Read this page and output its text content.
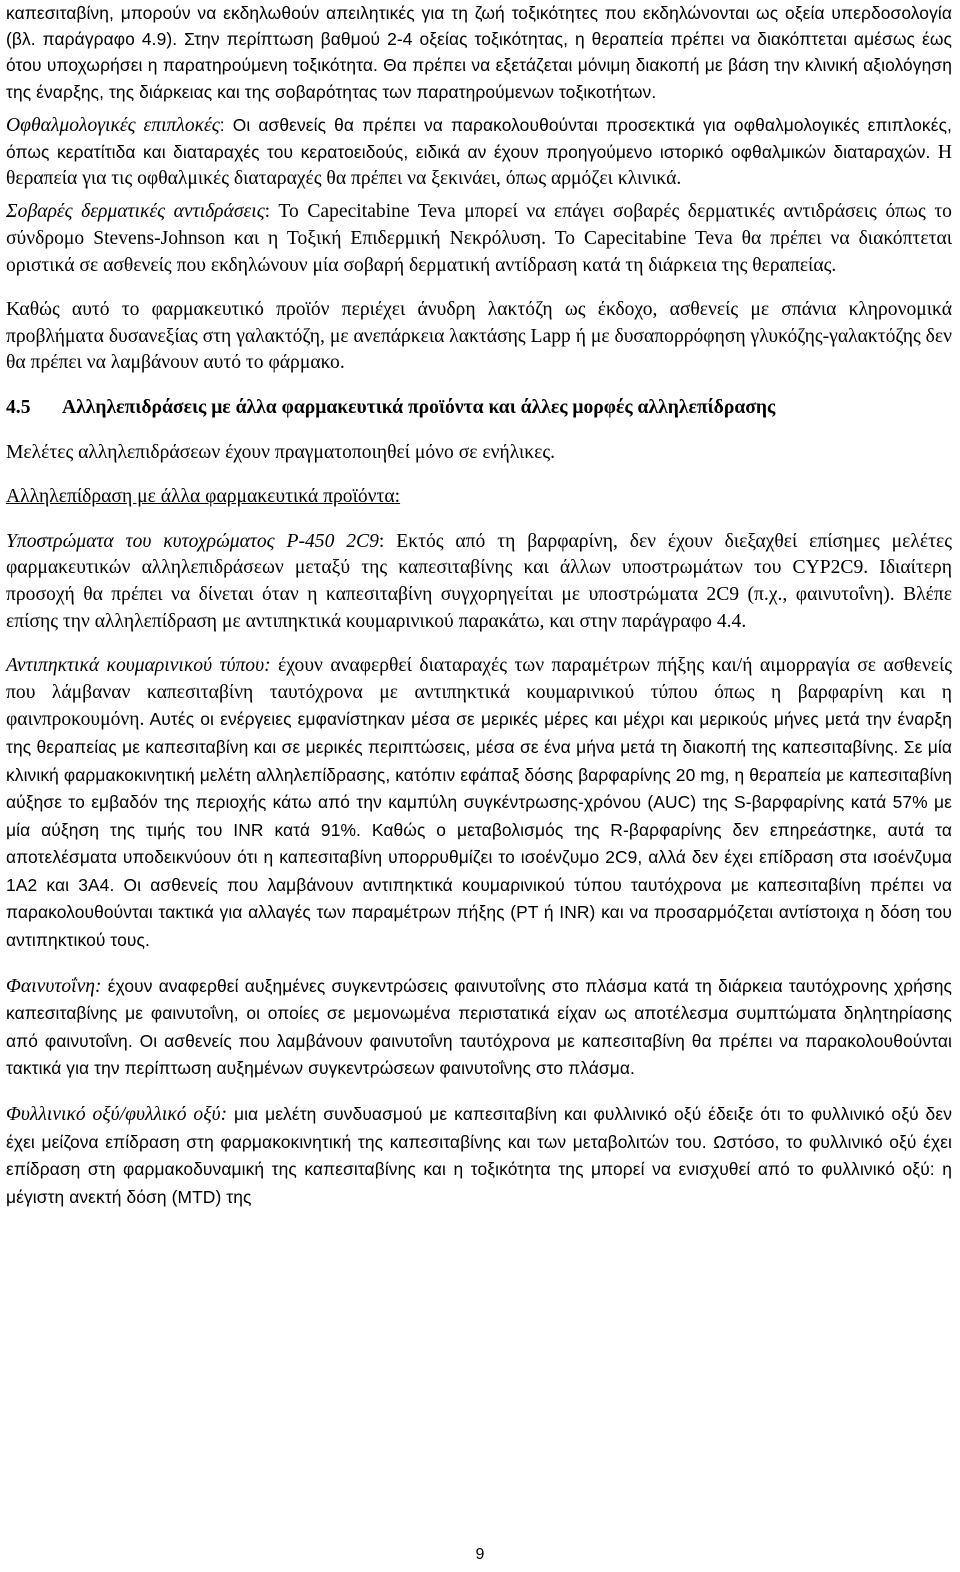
καπεσιταβίνη, μπορούν να εκδηλωθούν απειλητικές για τη ζωή τοξικότητες που εκδηλώνονται ως οξεία υπερδοσολογία (βλ. παράγραφο 4.9). Στην περίπτωση βαθμού 2-4 οξείας τοξικότητας, η θεραπεία πρέπει να διακόπτεται αμέσως έως ότου υποχωρήσει η παρατηρούμενη τοξικότητα. Θα πρέπει να εξετάζεται μόνιμη διακοπή με βάση την κλινική αξιολόγηση της έναρξης, της διάρκειας και της σοβαρότητας των παρατηρούμενων τοξικοτήτων.

Οφθαλμολογικές επιπλοκές: Οι ασθενείς θα πρέπει να παρακολουθούνται προσεκτικά για οφθαλμολογικές επιπλοκές, όπως κερατίτιδα και διαταραχές του κερατοειδούς, ειδικά αν έχουν προηγούμενο ιστορικό οφθαλμικών διαταραχών. Η θεραπεία για τις οφθαλμικές διαταραχές θα πρέπει να ξεκινάει, όπως αρμόζει κλινικά.

Σοβαρές δερματικές αντιδράσεις: Το Capecitabine Teva μπορεί να επάγει σοβαρές δερματικές αντιδράσεις όπως το σύνδρομο Stevens-Johnson και η Τοξική Επιδερμική Νεκρόλυση. Το Capecitabine Teva θα πρέπει να διακόπτεται οριστικά σε ασθενείς που εκδηλώνουν μία σοβαρή δερματική αντίδραση κατά τη διάρκεια της θεραπείας.

Καθώς αυτό το φαρμακευτικό προϊόν περιέχει άνυδρη λακτόζη ως έκδοχο, ασθενείς με σπάνια κληρονομικά προβλήματα δυσανεξίας στη γαλακτόζη, με ανεπάρκεια λακτάσης Lapp ή με δυσαπορρόφηση γλυκόζης-γαλακτόζης δεν θα πρέπει να λαμβάνουν αυτό το φάρμακο.

4.5 Αλληλεπιδράσεις με άλλα φαρμακευτικά προϊόντα και άλλες μορφές αλληλεπίδρασης

Μελέτες αλληλεπιδράσεων έχουν πραγματοποιηθεί μόνο σε ενήλικες.

Αλληλεπίδραση με άλλα φαρμακευτικά προϊόντα:

Υποστρώματα του κυτοχρώματος P-450 2C9: Εκτός από τη βαρφαρίνη, δεν έχουν διεξαχθεί επίσημες μελέτες φαρμακευτικών αλληλεπιδράσεων μεταξύ της καπεσιταβίνης και άλλων υποστρωμάτων του CYP2C9. Ιδιαίτερη προσοχή θα πρέπει να δίνεται όταν η καπεσιταβίνη συγχορηγείται με υποστρώματα 2C9 (π.χ., φαινυτοΐνη). Βλέπε επίσης την αλληλεπίδραση με αντιπηκτικά κουμαρινικού παρακάτω, και στην παράγραφο 4.4.

Αντιπηκτικά κουμαρινικού τύπου: έχουν αναφερθεί διαταραχές των παραμέτρων πήξης και/ή αιμορραγία σε ασθενείς που λάμβαναν καπεσιταβίνη ταυτόχρονα με αντιπηκτικά κουμαρινικού τύπου όπως η βαρφαρίνη και η φαινπροκουμόνη. Αυτές οι ενέργειες εμφανίστηκαν μέσα σε μερικές μέρες και μέχρι και μερικούς μήνες μετά την έναρξη της θεραπείας με καπεσιταβίνη και σε μερικές περιπτώσεις, μέσα σε ένα μήνα μετά τη διακοπή της καπεσιταβίνης. Σε μία κλινική φαρμακοκινητική μελέτη αλληλεπίδρασης, κατόπιν εφάπαξ δόσης βαρφαρίνης 20 mg, η θεραπεία με καπεσιταβίνη αύξησε το εμβαδόν της περιοχής κάτω από την καμπύλη συγκέντρωσης-χρόνου (AUC) της S-βαρφαρίνης κατά 57% με μία αύξηση της τιμής του INR κατά 91%. Καθώς ο μεταβολισμός της R-βαρφαρίνης δεν επηρεάστηκε, αυτά τα αποτελέσματα υποδεικνύουν ότι η καπεσιταβίνη υπορρυθμίζει το ισοένζυμο 2C9, αλλά δεν έχει επίδραση στα ισοένζυμα 1A2 και 3A4. Οι ασθενείς που λαμβάνουν αντιπηκτικά κουμαρινικού τύπου ταυτόχρονα με καπεσιταβίνη πρέπει να παρακολουθούνται τακτικά για αλλαγές των παραμέτρων πήξης (PT ή INR) και να προσαρμόζεται αντίστοιχα η δόση του αντιπηκτικού τους.

Φαινυτοΐνη: έχουν αναφερθεί αυξημένες συγκεντρώσεις φαινυτοΐνης στο πλάσμα κατά τη διάρκεια ταυτόχρονης χρήσης καπεσιταβίνης με φαινυτοΐνη, οι οποίες σε μεμονωμένα περιστατικά είχαν ως αποτέλεσμα συμπτώματα δηλητηρίασης από φαινυτοΐνη. Οι ασθενείς που λαμβάνουν φαινυτοΐνη ταυτόχρονα με καπεσιταβίνη θα πρέπει να παρακολουθούνται τακτικά για την περίπτωση αυξημένων συγκεντρώσεων φαινυτοΐνης στο πλάσμα.

Φυλλινικό οξύ/φυλλικό οξύ: μια μελέτη συνδυασμού με καπεσιταβίνη και φυλλινικό οξύ έδειξε ότι το φυλλινικό οξύ δεν έχει μείζονα επίδραση στη φαρμακοκινητική της καπεσιταβίνης και των μεταβολιτών του. Ωστόσο, το φυλλινικό οξύ έχει επίδραση στη φαρμακοδυναμική της καπεσιταβίνης και η τοξικότητα της μπορεί να ενισχυθεί από το φυλλινικό οξύ: η μέγιστη ανεκτή δόση (MTD) της

9
